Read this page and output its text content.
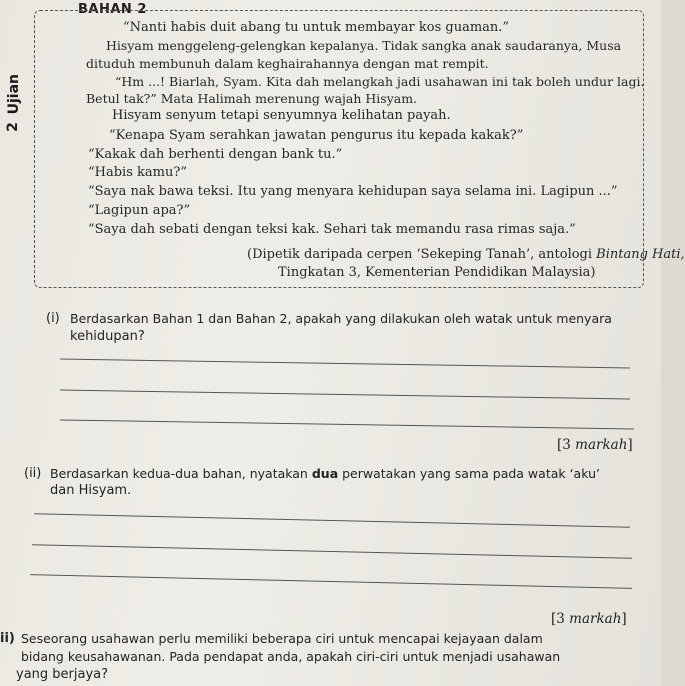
Ujian
2
BAHAN 2
“Nanti habis duit abang tu untuk membayar kos guaman.”
Hisyam menggeleng-gelengkan kepalanya. Tidak sangka anak saudaranya, Musa
dituduh membunuh dalam keghairahannya dengan mat rempit.
“Hm ...! Biarlah, Syam. Kita dah melangkah jadi usahawan ini tak boleh undur lagi.
Betul tak?” Mata Halimah merenung wajah Hisyam.
Hisyam senyum tetapi senyumnya kelihatan payah.
“Kenapa Syam serahkan jawatan pengurus itu kepada kakak?”
“Kakak dah berhenti dengan bank tu.”
“Habis kamu?”
“Saya nak bawa teksi. Itu yang menyara kehidupan saya selama ini. Lagipun ...”
“Lagipun apa?”
“Saya dah sebati dengan teksi kak. Sehari tak memandu rasa rimas saja.”
(Dipetik daripada cerpen ‘Sekeping Tanah’, antologi Bintang Hati,
Tingkatan 3, Kementerian Pendidikan Malaysia)
(i) Berdasarkan Bahan 1 dan Bahan 2, apakah yang dilakukan oleh watak untuk menyara
kehidupan?
[3 markah]
(ii) Berdasarkan kedua-dua bahan, nyatakan dua perwatakan yang sama pada watak ‘aku’
dan Hisyam.
[3 markah]
ii) Seseorang usahawan perlu memiliki beberapa ciri untuk mencapai kejayaan dalam
bidang keusahawanan. Pada pendapat anda, apakah ciri-ciri untuk menjadi usahawan
yang berjaya?
